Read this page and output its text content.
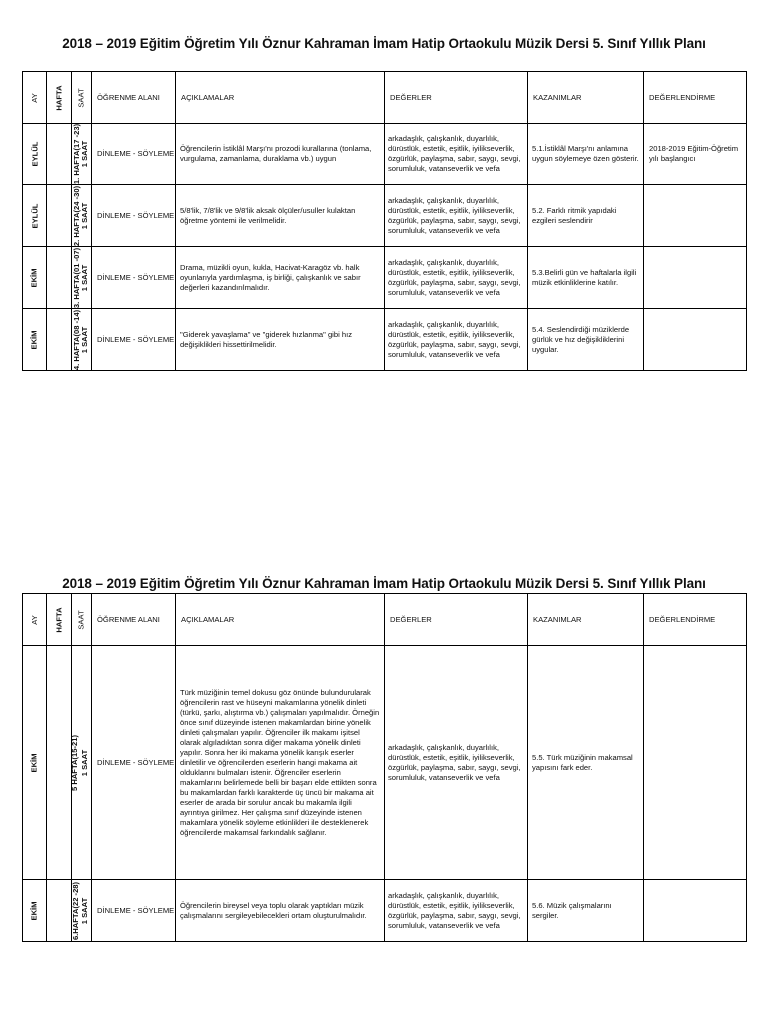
2018 – 2019 Eğitim Öğretim Yılı Öznur Kahraman İmam Hatip Ortaokulu Müzik Dersi 5. Sınıf Yıllık Planı
AY	HAFTA	SAAT	ÖĞRENME ALANI	AÇIKLAMALAR	DEĞERLER	KAZANIMLAR	DEĞERLENDİRME
EYLÜL	1. HAFTA(17 -23)	1 SAAT	DİNLEME - SÖYLEME	Öğrencilerin İstiklâl Marşı'nı prozodi kurallarına (tonlama, vurgulama, zamanlama, duraklama vb.) uygun	arkadaşlık, çalışkanlık, duyarlılık, dürüstlük, estetik, eşitlik, iyilikseverlik, özgürlük, paylaşma, sabır, saygı, sevgi, sorumluluk, vatanseverlik ve vefa	5.1.İstiklâl Marşı'nı anlamına uygun söylemeye özen gösterir.	2018-2019 Eğitim-Öğretim yılı başlangıcı
EYLÜL	2. HAFTA(24 -30)	1 SAAT	DİNLEME - SÖYLEME	5/8'lik, 7/8'lik ve 9/8'lik aksak ölçüler/usuller kulaktan öğretme yöntemi ile verilmelidir.	arkadaşlık, çalışkanlık, duyarlılık, dürüstlük, estetik, eşitlik, iyilikseverlik, özgürlük, paylaşma, sabır, saygı, sevgi, sorumluluk, vatanseverlik ve vefa	5.2. Farklı ritmik yapıdaki ezgileri seslendirir	
EKİM	3. HAFTA(01 -07)	1 SAAT	DİNLEME - SÖYLEME	Drama, müzikli oyun, kukla, Hacivat-Karagöz vb. halk oyunlarıyla yardımlaşma, iş birliği, çalışkanlık ve sabır değerleri kazandırılmalıdır.	arkadaşlık, çalışkanlık, duyarlılık, dürüstlük, estetik, eşitlik, iyilikseverlik, özgürlük, paylaşma, sabır, saygı, sevgi, sorumluluk, vatanseverlik ve vefa	5.3.Belirli gün ve haftalarla ilgili müzik etkinliklerine katılır.	
EKİM	4. HAFTA(08 -14)	1 SAAT	DİNLEME - SÖYLEME	"Giderek yavaşlama" ve "giderek hızlanma" gibi hız değişiklikleri hissettirilmelidir.	arkadaşlık, çalışkanlık, duyarlılık, dürüstlük, estetik, eşitlik, iyilikseverlik, özgürlük, paylaşma, sabır, saygı, sevgi, sorumluluk, vatanseverlik ve vefa	5.4. Seslendirdiği müziklerde gürlük ve hız değişikliklerini uygular.	
2018 – 2019 Eğitim Öğretim Yılı Öznur Kahraman İmam Hatip Ortaokulu Müzik Dersi 5. Sınıf Yıllık Planı
AY	HAFTA	SAAT	ÖĞRENME ALANI	AÇIKLAMALAR	DEĞERLER	KAZANIMLAR	DEĞERLENDİRME
EKİM	5 HAFTA(15-21)	1 SAAT	DİNLEME - SÖYLEME	Türk müziğinin temel dokusu göz önünde bulundurularak öğrencilerin rast ve hüseyni makamlarına yönelik dinleti (türkü, şarkı, alıştırma vb.) çalışmaları yapılmalıdır. Örneğin önce sınıf düzeyinde istenen makamlardan birine yönelik dinleti çalışmaları yapılır. Öğrenciler ilk makamı işitsel olarak algıladıktan sonra diğer makama yönelik dinleti yapılır. Sonra her iki makama yönelik karışık eserler dinletilir ve öğrencilerden eserlerin hangi makama ait olduklarını bulmaları istenir. Öğrenciler eserlerin makamlarını belirlemede belli bir başarı elde ettikten sonra bu makamlardan farklı karakterde üç üncü bir makama ait eserler de arada bir sorulur ancak bu makamla ilgili ayrıntıya girilmez. Her çalışma sınıf düzeyinde istenen makamlara yönelik söyleme etkinlikleri ile desteklenerek öğrencilerde makamsal farkındalık sağlanır.	arkadaşlık, çalışkanlık, duyarlılık, dürüstlük, estetik, eşitlik, iyilikseverlik, özgürlük, paylaşma, sabır, saygı, sevgi, sorumluluk, vatanseverlik ve vefa	5.5. Türk müziğinin makamsal yapısını fark eder.	
EKİM	6.HAFTA(22 -28)	1 SAAT	DİNLEME - SÖYLEME	Öğrencilerin bireysel veya toplu olarak yaptıkları müzik çalışmalarını sergileyebilecekleri ortam oluşturulmalıdır.	arkadaşlık, çalışkanlık, duyarlılık, dürüstlük, estetik, eşitlik, iyilikseverlik, özgürlük, paylaşma, sabır, saygı, sevgi, sorumluluk, vatanseverlik ve vefa	5.6. Müzik çalışmalarını sergiler.	
